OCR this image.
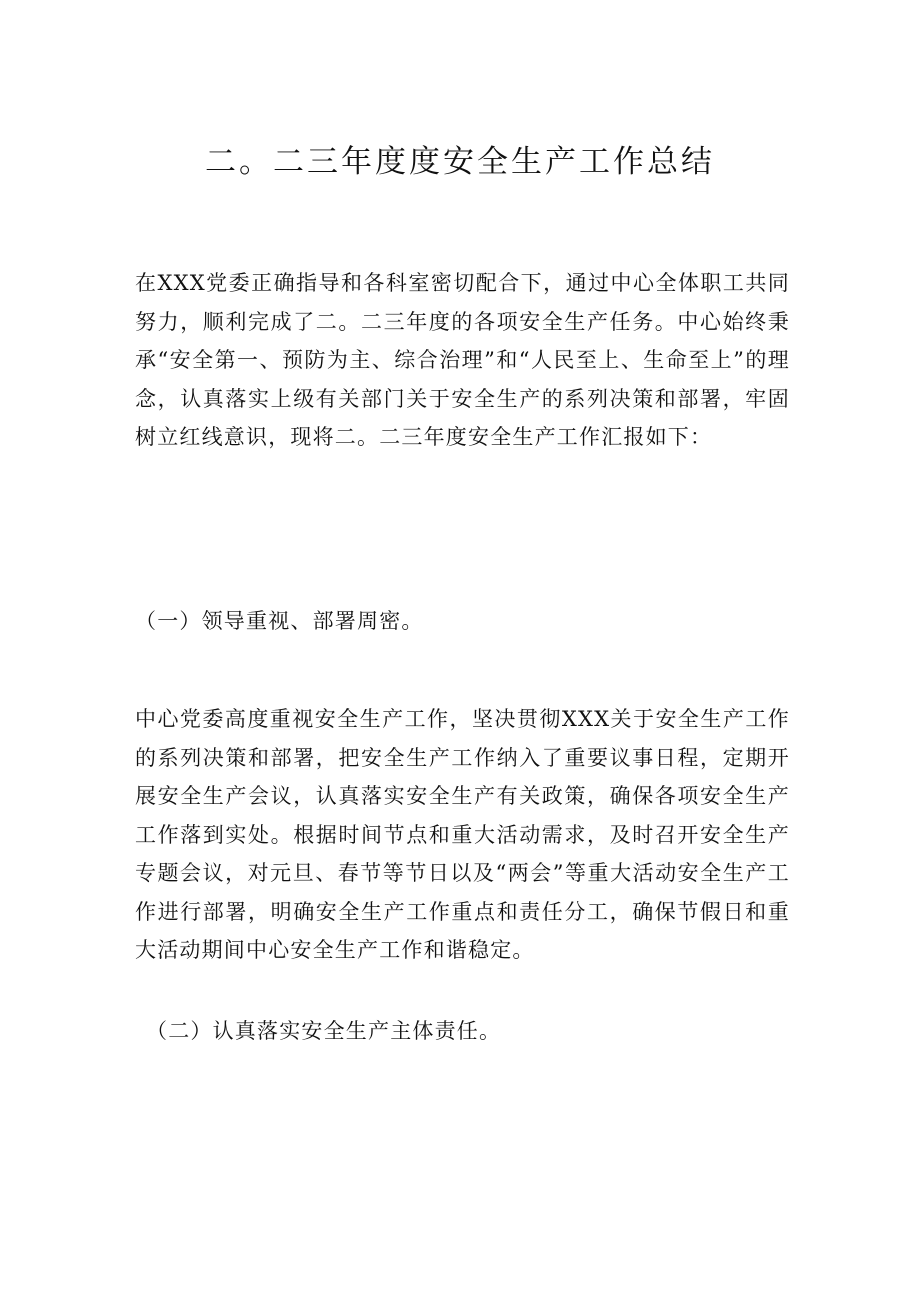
二。二三年度度安全生产工作总结

在XXX党委正确指导和各科室密切配合下，通过中心全体职工共同努力，顺利完成了二。二三年度的各项安全生产任务。中心始终秉承“安全第一、预防为主、综合治理”和“人民至上、生命至上”的理念，认真落实上级有关部门关于安全生产的系列决策和部署，牢固树立红线意识，现将二。二三年度安全生产工作汇报如下：

（一）领导重视、部署周密。

中心党委高度重视安全生产工作，坚决贯彻XXX关于安全生产工作的系列决策和部署，把安全生产工作纳入了重要议事日程，定期开展安全生产会议，认真落实安全生产有关政策，确保各项安全生产工作落到实处。根据时间节点和重大活动需求，及时召开安全生产专题会议，对元旦、春节等节日以及“两会”等重大活动安全生产工作进行部署，明确安全生产工作重点和责任分工，确保节假日和重大活动期间中心安全生产工作和谐稳定。

（二）认真落实安全生产主体责任。
